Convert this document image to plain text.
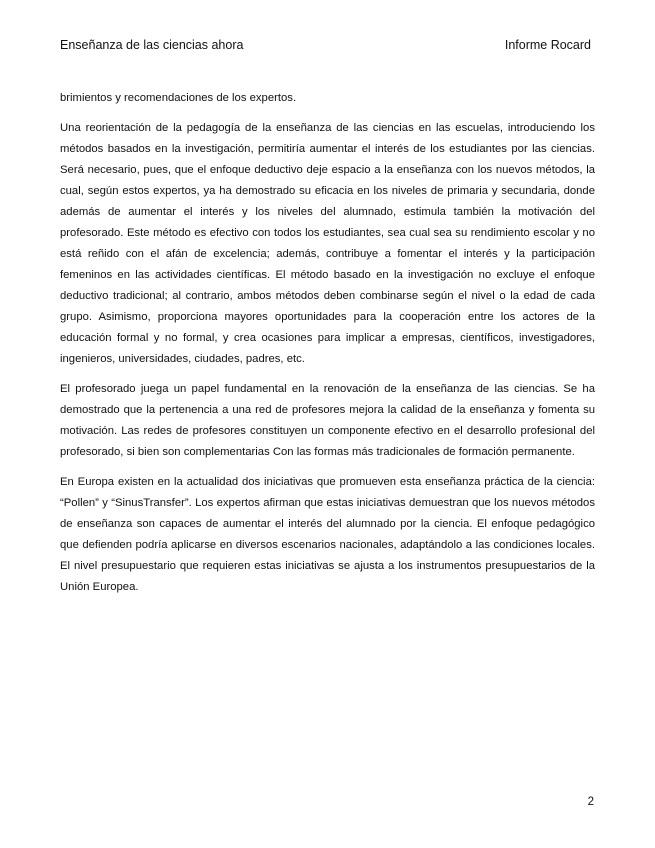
Enseñanza de las ciencias ahora	Informe Rocard

brimientos y recomendaciones de los expertos.

Una reorientación de la pedagogía de la enseñanza de las ciencias en las escuelas, introduciendo los métodos basados en la investigación, permitiría aumentar el interés de los estudiantes por las ciencias. Será necesario, pues, que el enfoque deductivo deje espacio a la enseñanza con los nuevos métodos, la cual, según estos expertos, ya ha demostrado su eficacia en los niveles de primaria y secundaria, donde además de aumentar el interés y los niveles del alumnado, estimula también la motivación del profesorado. Este método es efectivo con todos los estudiantes, sea cual sea su rendimiento escolar y no está reñido con el afán de excelencia; además, contribuye a fomentar el interés y la participación femeninos en las actividades científicas. El método basado en la investigación no excluye el enfoque deductivo tradicional; al contrario, ambos métodos deben combinarse según el nivel o la edad de cada grupo. Asimismo, proporciona mayores oportunidades para la cooperación entre los actores de la educación formal y no formal, y crea ocasiones para implicar a empresas, científicos, investigadores, ingenieros, universidades, ciudades, padres, etc.

El profesorado juega un papel fundamental en la renovación de la enseñanza de las ciencias. Se ha demostrado que la pertenencia a una red de profesores mejora la calidad de la enseñanza y fomenta su motivación. Las redes de profesores constituyen un componente efectivo en el desarrollo profesional del profesorado, si bien son complementarias Con las formas más tradicionales de formación permanente.

En Europa existen en la actualidad dos iniciativas que promueven esta enseñanza práctica de la ciencia: “Pollen” y “SinusTransfer”. Los expertos afirman que estas iniciativas demuestran que los nuevos métodos de enseñanza son capaces de aumentar el interés del alumnado por la ciencia. El enfoque pedagógico que defienden podría aplicarse en diversos escenarios nacionales, adaptándolo a las condiciones locales. El nivel presupuestario que requieren estas iniciativas se ajusta a los instrumentos presupuestarios de la Unión Europea.

2
